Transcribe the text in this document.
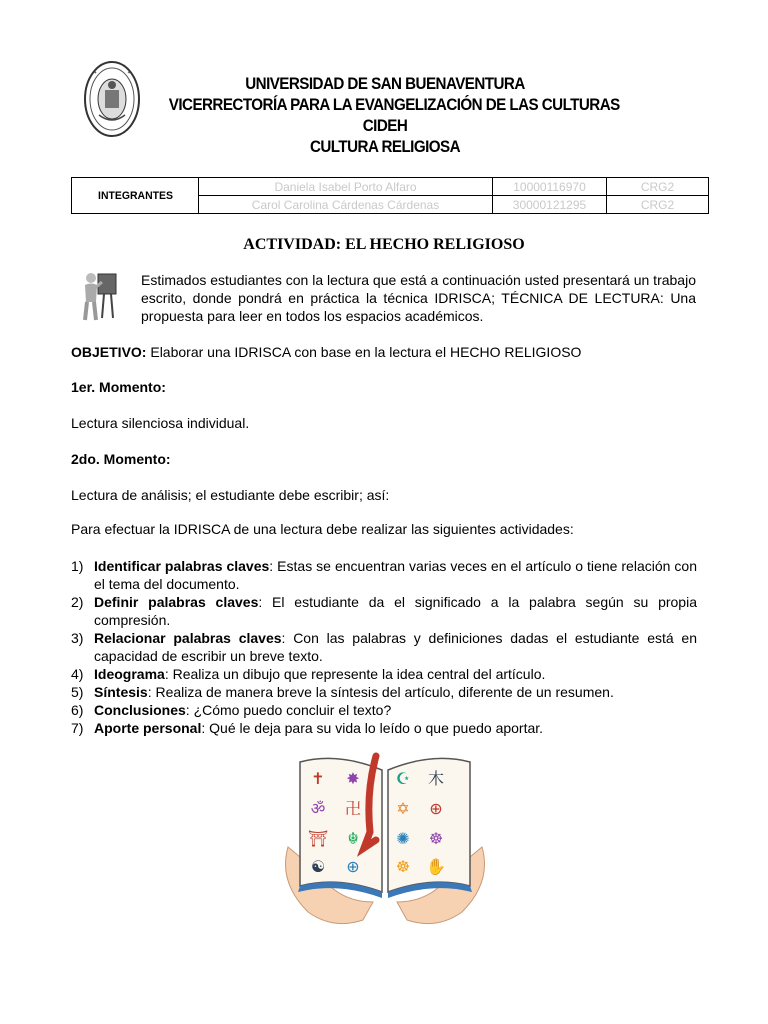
✦	✦
UNIVERSIDAD DE SAN BUENAVENTURA
VICERRECTORÍA PARA LA EVANGELIZACIÓN DE LAS CULTURAS
CIDEH
CULTURA RELIGIOSA
INTEGRANTES	Daniela Isabel Porto Alfaro	10000116970	CRG2
	Carol Carolina Cárdenas Cárdenas	30000121295	CRG2
ACTIVIDAD: EL HECHO RELIGIOSO
Estimados estudiantes con la lectura que está a continuación usted presentará un trabajo escrito, donde pondrá en práctica la técnica IDRISCA; TÉCNICA DE LECTURA: Una propuesta para leer en todos los espacios académicos.
OBJETIVO: Elaborar una IDRISCA con base en la lectura el HECHO RELIGIOSO
1er. Momento:
Lectura silenciosa individual.
2do. Momento:
Lectura de análisis; el estudiante debe escribir; así:
Para efectuar la IDRISCA de una lectura debe realizar las siguientes actividades:
1) Identificar palabras claves: Estas se encuentran varias veces en el artículo o tiene relación con el tema del documento.
2) Definir palabras claves: El estudiante da el significado a la palabra según su propia compresión.
3) Relacionar palabras claves: Con las palabras y definiciones dadas el estudiante está en capacidad de escribir un breve texto.
4) Ideograma: Realiza un dibujo que represente la idea central del artículo.
5) Síntesis: Realiza de manera breve la síntesis del artículo, diferente de un resumen.
6) Conclusiones: ¿Cómo puedo concluir el texto?
7) Aporte personal: Qué le deja para su vida lo leído o que puedo aportar.
✝ ✸ ☪ 木
ॐ 卍 ✡ ⊕
⛩ ☬ ✺ ☸
☯ ⊕ ☸ ✋
